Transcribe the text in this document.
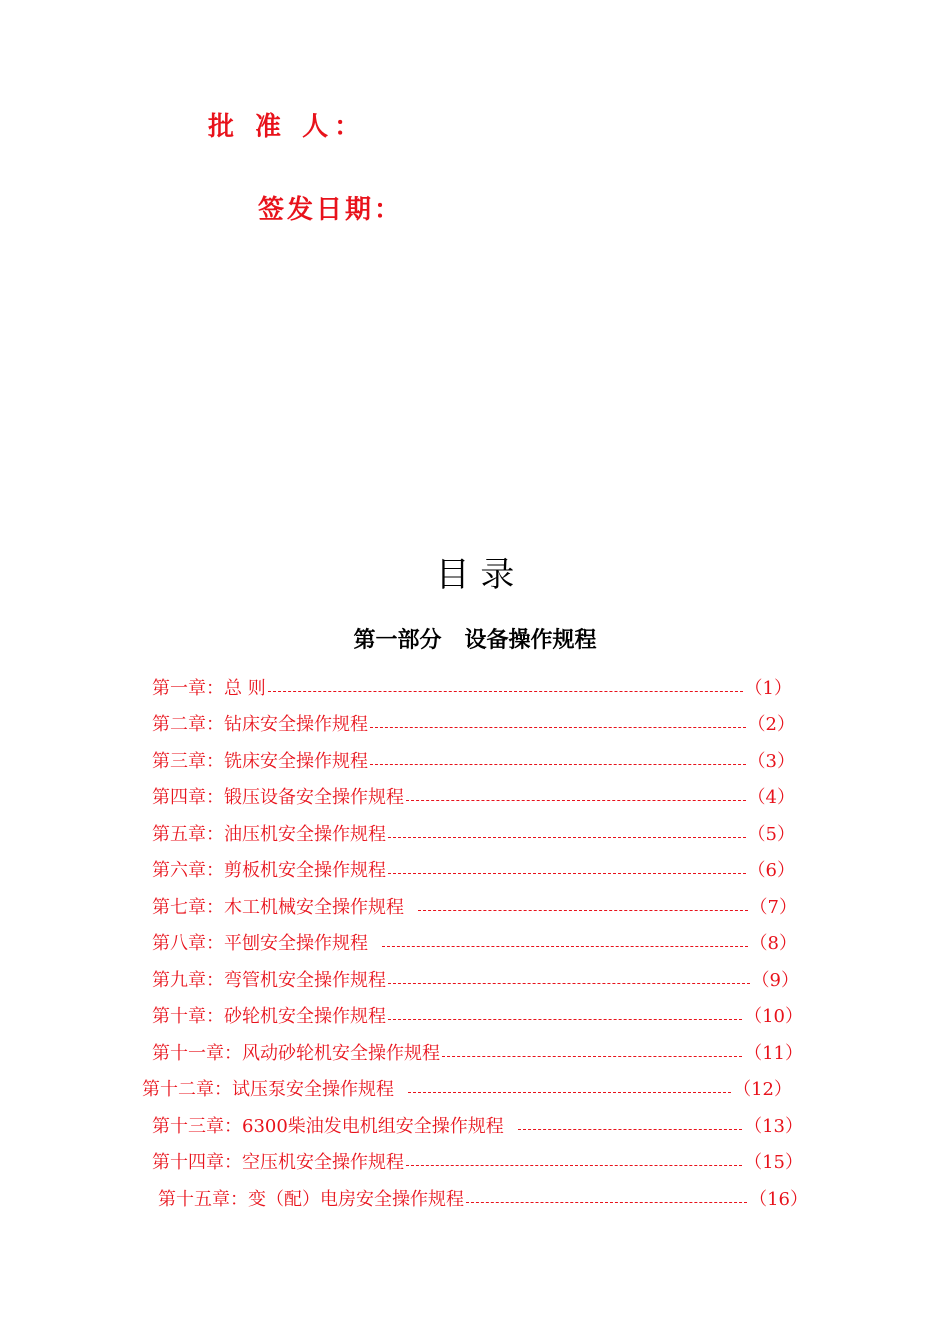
批 准 人：
签发日期：
目 录
第一部分   设备操作规程
第一章 ： 总 则	（1）
第二章 ： 钻床安全操作规程	（2）
第三章 ： 铣床安全操作规程	（3）
第四章 ： 锻压设备安全操作规程	（4）
第五章 ： 油压机安全操作规程	（5）
第六章 ： 剪板机安全操作规程	（6）
第七章 ： 木工机械安全操作规程	（7）
第八章 ： 平刨安全操作规程	（8）
第九章 ： 弯管机安全操作规程	（9）
第十章 ： 砂轮机安全操作规程	（10）
第十一章 ： 风动砂轮机安全操作规程	（11）
第十二章 ： 试压泵安全操作规程	（12）
第十三章 ： 6300柴油发电机组安全操作规程	（13）
第十四章 ： 空压机安全操作规程	（15）
第十五章 ： 变（配）电房安全操作规程	（16）
